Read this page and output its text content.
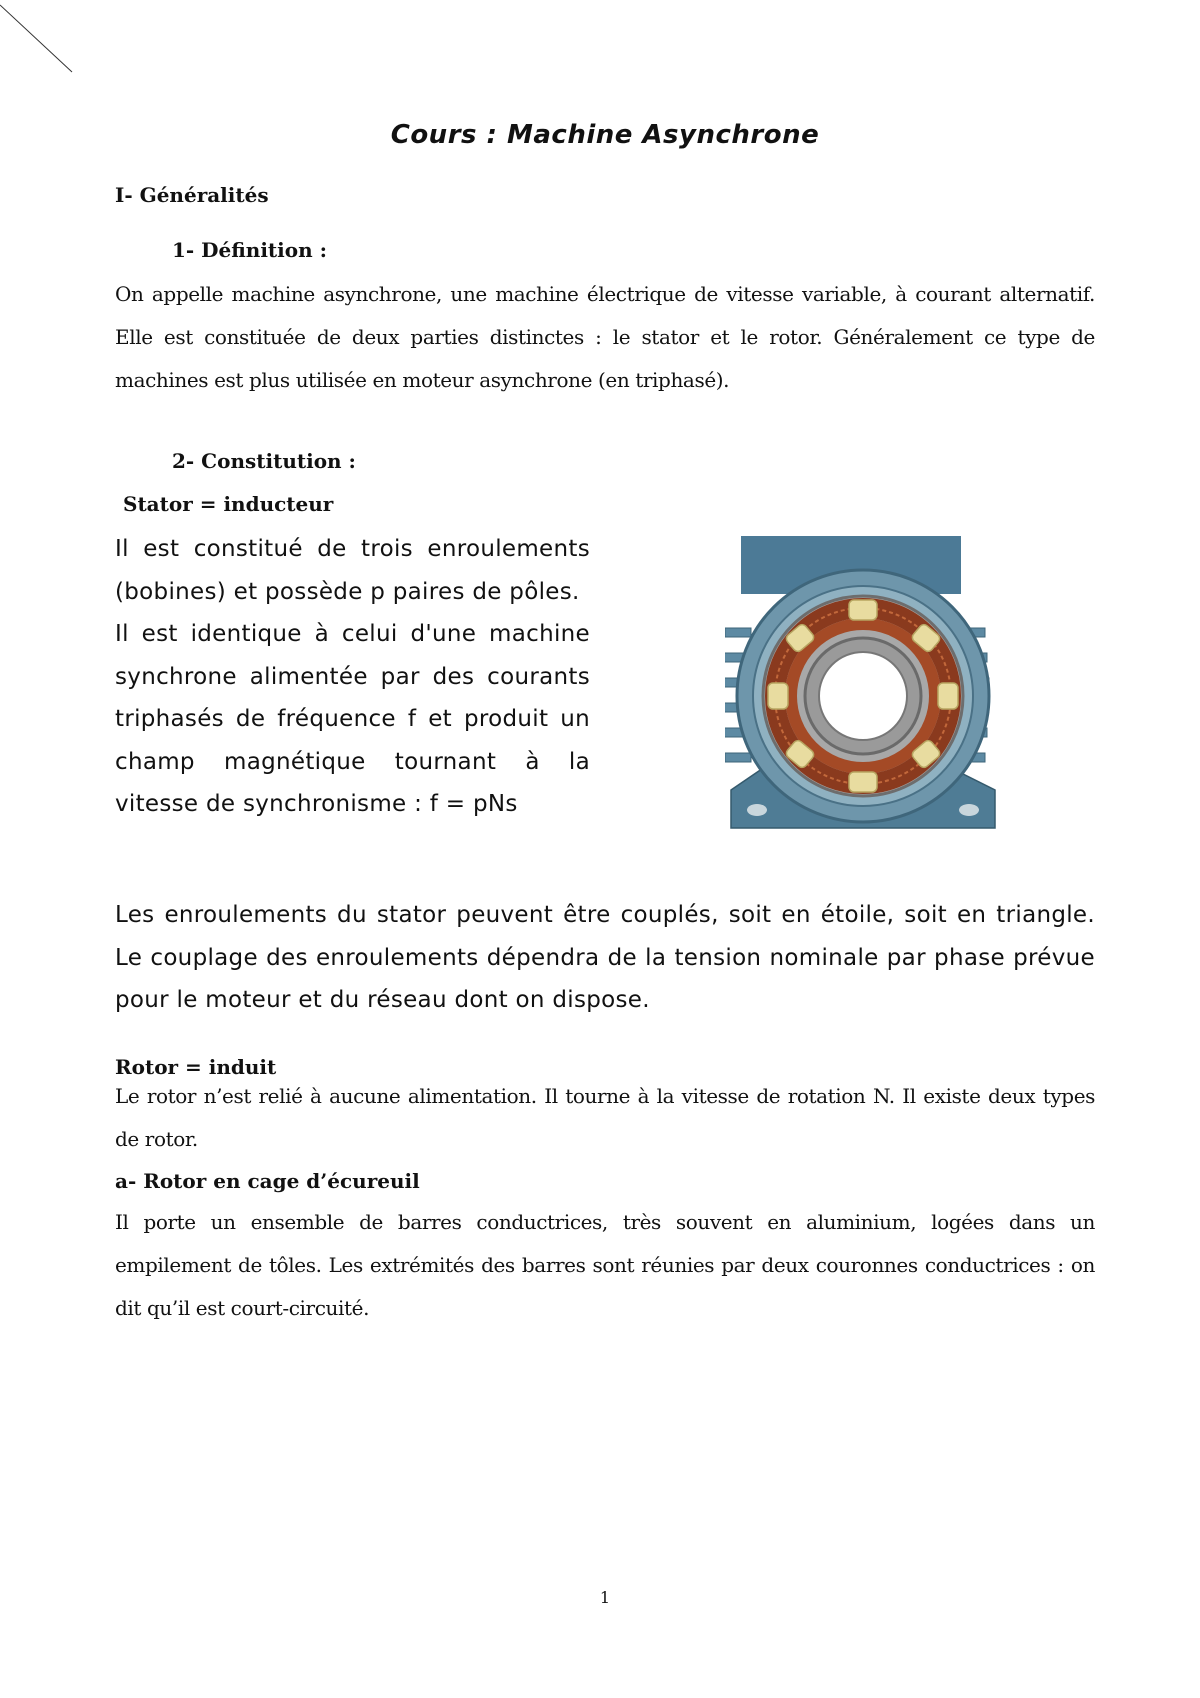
Cours : Machine Asynchrone
I- Généralités
1- Définition :
On appelle machine asynchrone, une machine électrique de vitesse variable, à courant alternatif. Elle est constituée de deux parties distinctes : le stator et le rotor. Généralement ce type de machines est plus utilisée en moteur asynchrone (en triphasé).
2- Constitution :
Stator = inducteur

Il est constitué de trois enroulements (bobines) et possède p paires de pôles.

Il est identique à celui d'une machine synchrone alimentée par des courants triphasés de fréquence f et produit un champ magnétique tournant à la vitesse de synchronisme : f = pNs

Les enroulements du stator peuvent être couplés, soit en étoile, soit en triangle. Le couplage des enroulements dépendra de la tension nominale par phase prévue pour le moteur et du réseau dont on dispose.
Rotor = induit
Le rotor n’est relié à aucune alimentation. Il tourne à la vitesse de rotation N. Il existe deux types de rotor.
a- Rotor en cage d’écureuil
Il porte un ensemble de barres conductrices, très souvent en aluminium, logées dans un empilement de tôles. Les extrémités des barres sont réunies par deux couronnes conductrices : on dit qu’il est court-circuité.
1
